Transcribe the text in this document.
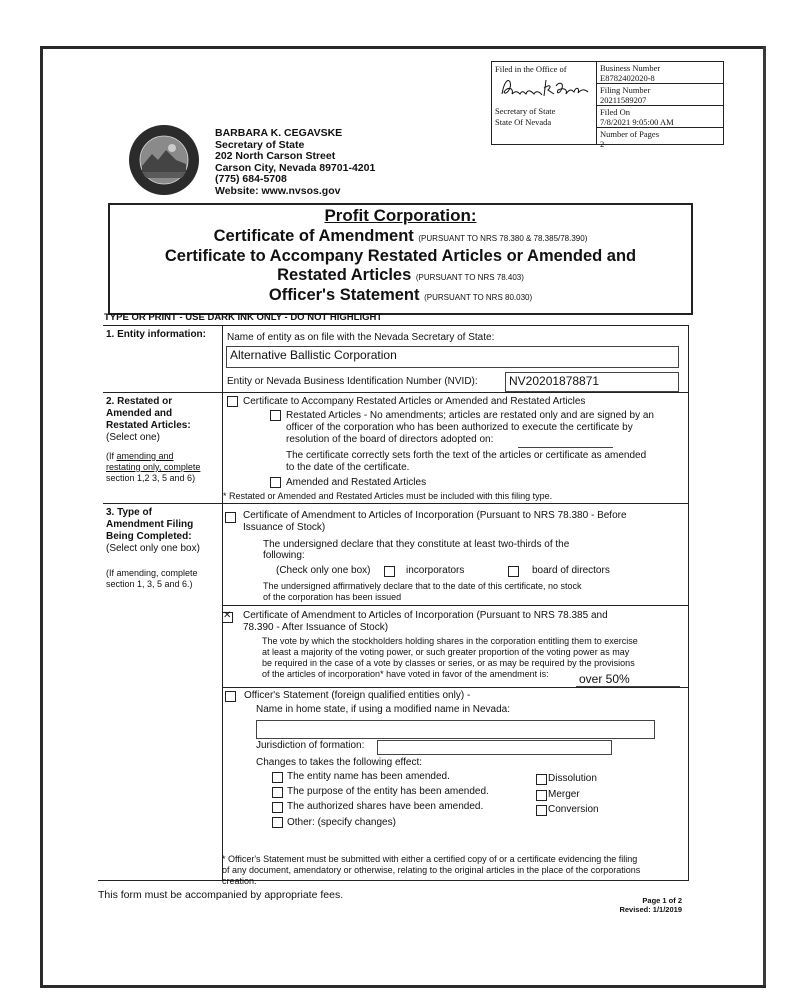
Filed in the Office of
Secretary of State
State Of Nevada
Business Number
E8782402020-8
Filing Number
20211589207
Filed On
7/8/2021 9:05:00 AM
Number of Pages
2
BARBARA K. CEGAVSKE
Secretary of State
202 North Carson Street
Carson City, Nevada 89701-4201
(775) 684-5708
Website: www.nvsos.gov
Profit Corporation:
Certificate of Amendment (PURSUANT TO NRS 78.380 & 78.385/78.390)
Certificate to Accompany Restated Articles or Amended and
Restated Articles (PURSUANT TO NRS 78.403)
Officer's Statement (PURSUANT TO NRS 80.030)
TYPE OR PRINT - USE DARK INK ONLY - DO NOT HIGHLIGHT
1. Entity information: Name of entity as on file with the Nevada Secretary of State:
Alternative Ballistic Corporation
Entity or Nevada Business Identification Number (NVID):	NV20201878871
2. Restated or
Amended and
Restated Articles:
(Select one)
(If amending and
restating only, complete
section 1,2 3, 5 and 6)
Certificate to Accompany Restated Articles or Amended and Restated Articles
Restated Articles - No amendments; articles are restated only and are signed by an
officer of the corporation who has been authorized to execute the certificate by
resolution of the board of directors adopted on:
The certificate correctly sets forth the text of the articles or certificate as amended
to the date of the certificate.
Amended and Restated Articles
* Restated or Amended and Restated Articles must be included with this filing type.
3. Type of
Amendment Filing
Being Completed:
(Select only one box)
(If amending, complete
section 1, 3, 5 and 6.)
Certificate of Amendment to Articles of Incorporation (Pursuant to NRS 78.380 - Before
Issuance of Stock)
The undersigned declare that they constitute at least two-thirds of the
following:
(Check only one box)	incorporators	board of directors
The undersigned affirmatively declare that to the date of this certificate, no stock
of the corporation has been issued
✕
Certificate of Amendment to Articles of Incorporation (Pursuant to NRS 78.385 and
78.390 - After Issuance of Stock)
The vote by which the stockholders holding shares in the corporation entitling them to exercise
at least a majority of the voting power, or such greater proportion of the voting power as may
be required in the case of a vote by classes or series, or as may be required by the provisions
of the articles of incorporation* have voted in favor of the amendment is:	over 50%
Officer's Statement (foreign qualified entities only) -
Name in home state, if using a modified name in Nevada:
Jurisdiction of formation:
Changes to takes the following effect:
The entity name has been amended.
The purpose of the entity has been amended.
The authorized shares have been amended.
Other: (specify changes)
Dissolution
Merger
Conversion
* Officer's Statement must be submitted with either a certified copy of or a certificate evidencing the filing
of any document, amendatory or otherwise, relating to the original articles in the place of the corporations
creation.
This form must be accompanied by appropriate fees.	Page 1 of 2
Revised: 1/1/2019
